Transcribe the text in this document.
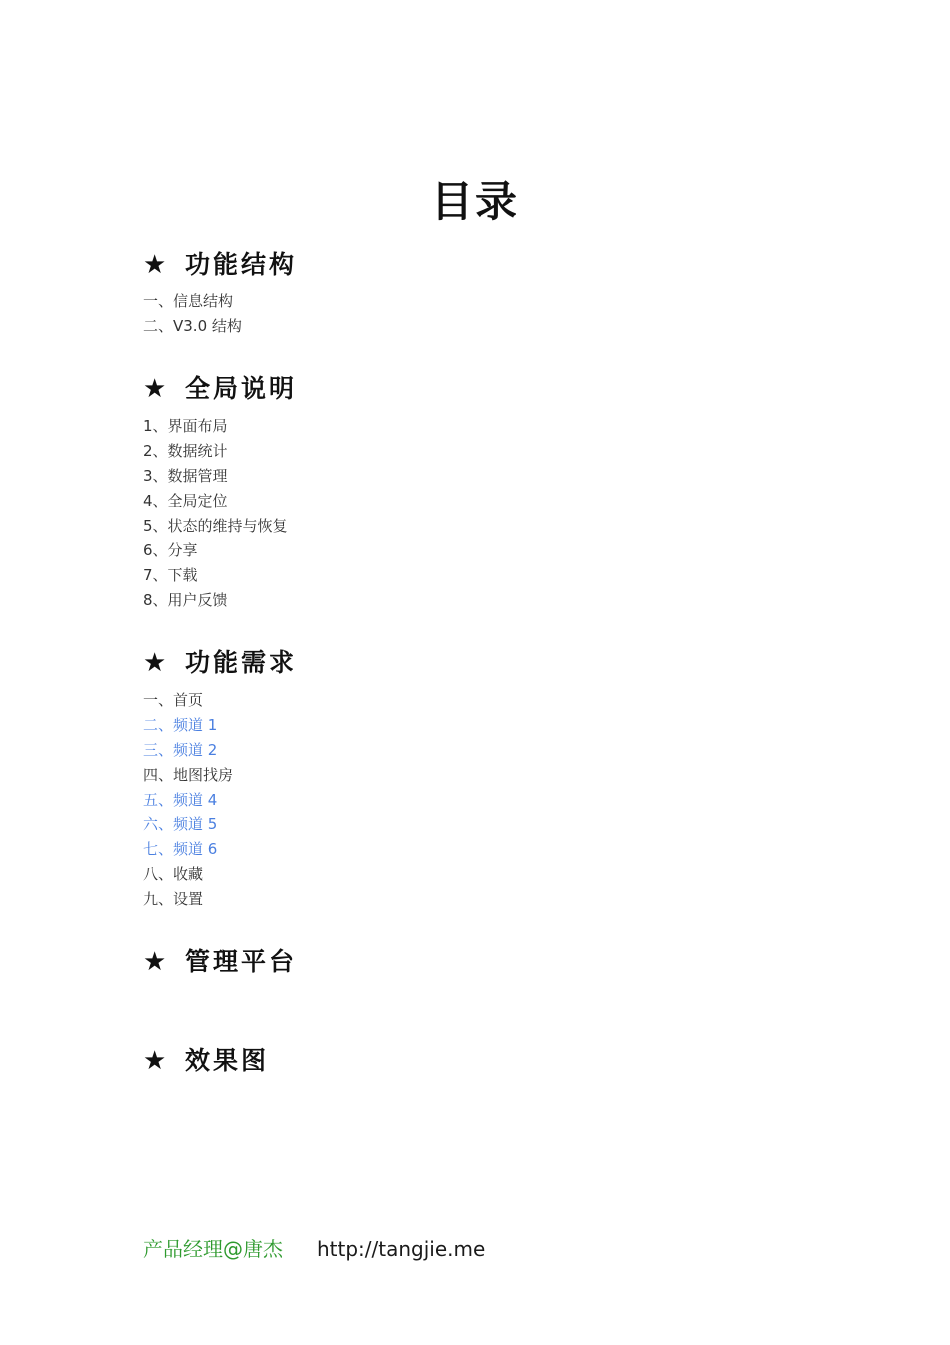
目录
★ 功能结构
一、信息结构
二、V3.0 结构
★ 全局说明
1、界面布局
2、数据统计
3、数据管理
4、全局定位
5、状态的维持与恢复
6、分享
7、下载
8、用户反馈
★ 功能需求
一、首页
二、频道 1
三、频道 2
四、地图找房
五、频道 4
六、频道 5
七、频道 6
八、收藏
九、设置
★ 管理平台
★ 效果图
产品经理@唐杰 http://tangjie.me
